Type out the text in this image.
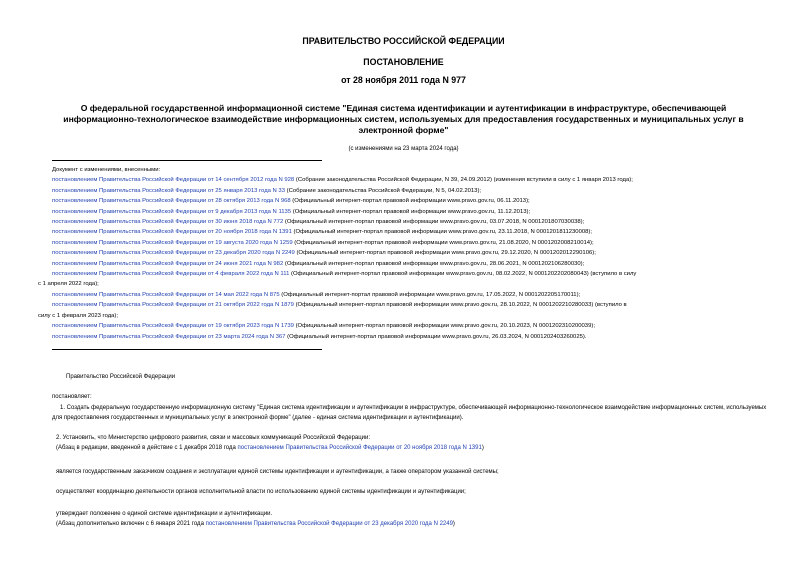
ПРАВИТЕЛЬСТВО РОССИЙСКОЙ ФЕДЕРАЦИИ
ПОСТАНОВЛЕНИЕ
от 28 ноября 2011 года N 977
О федеральной государственной информационной системе "Единая система идентификации и аутентификации в инфраструктуре, обеспечивающей
информационно-технологическое взаимодействие информационных систем, используемых для предоставления государственных и муниципальных услуг в
электронной форме"
(с изменениями на 23 марта 2024 года)
Документ с изменениями, внесенными:
постановлением Правительства Российской Федерации от 14 сентября 2012 года N 928 (Собрание законодательства Российской Федерации, N 39, 24.09.2012) (изменения вступили в силу с 1 января 2013 года);
постановлением Правительства Российской Федерации от 25 января 2013 года N 33 (Собрание законодательства Российской Федерации, N 5, 04.02.2013);
постановлением Правительства Российской Федерации от 28 октября 2013 года N 968 (Официальный интернет-портал правовой информации www.pravo.gov.ru, 06.11.2013);
постановлением Правительства Российской Федерации от 9 декабря 2013 года N 1135 (Официальный интернет-портал правовой информации www.pravo.gov.ru, 11.12.2013);
постановлением Правительства Российской Федерации от 30 июня 2018 года N 772 (Официальный интернет-портал правовой информации www.pravo.gov.ru, 03.07.2018, N 0001201807030038);
постановлением Правительства Российской Федерации от 20 ноября 2018 года N 1391 (Официальный интернет-портал правовой информации www.pravo.gov.ru, 23.11.2018, N 0001201811230008);
постановлением Правительства Российской Федерации от 19 августа 2020 года N 1259 (Официальный интернет-портал правовой информации www.pravo.gov.ru, 21.08.2020, N 0001202008210014);
постановлением Правительства Российской Федерации от 23 декабря 2020 года N 2249 (Официальный интернет-портал правовой информации www.pravo.gov.ru, 29.12.2020, N 0001202012290106);
постановлением Правительства Российской Федерации от 24 июня 2021 года N 982 (Официальный интернет-портал правовой информации www.pravo.gov.ru, 28.06.2021, N 0001202106280030);
постановлением Правительства Российской Федерации от 4 февраля 2022 года N 111 (Официальный интернет-портал правовой информации www.pravo.gov.ru, 08.02.2022, N 0001202202080043) (вступило в силу
с 1 апреля 2022 года);
постановлением Правительства Российской Федерации от 14 мая 2022 года N 875 (Официальный интернет-портал правовой информации www.pravo.gov.ru, 17.05.2022, N 0001202205170011);
постановлением Правительства Российской Федерации от 21 октября 2022 года N 1879 (Официальный интернет-портал правовой информации www.pravo.gov.ru, 28.10.2022, N 0001202210280033) (вступило в
силу с 1 февраля 2023 года);
постановлением Правительства Российской Федерации от 19 октября 2023 года N 1739 (Официальный интернет-портал правовой информации www.pravo.gov.ru, 20.10.2023, N 0001202310200039);
постановлением Правительства Российской Федерации от 23 марта 2024 года N 367 (Официальный интернет-портал правовой информации www.pravo.gov.ru, 26.03.2024, N 0001202403260025).
Правительство Российской Федерации
постановляет:
1. Создать федеральную государственную информационную систему "Единая система идентификации и аутентификации в инфраструктуре, обеспечивающей информационно-технологическое взаимодействие информационных систем, используемых для предоставления государственных и муниципальных услуг в электронной форме" (далее - единая система идентификации и аутентификации).
2. Установить, что Министерство цифрового развития, связи и массовых коммуникаций Российской Федерации:
(Абзац в редакции, введенной в действие с 1 декабря 2018 года постановлением Правительства Российской Федерации от 20 ноября 2018 года N 1391)
является государственным заказчиком создания и эксплуатации единой системы идентификации и аутентификации, а также оператором указанной системы;
осуществляет координацию деятельности органов исполнительной власти по использованию единой системы идентификации и аутентификации;
утверждает положение о единой системе идентификации и аутентификации.
(Абзац дополнительно включен с 6 января 2021 года постановлением Правительства Российской Федерации от 23 декабря 2020 года N 2249)
